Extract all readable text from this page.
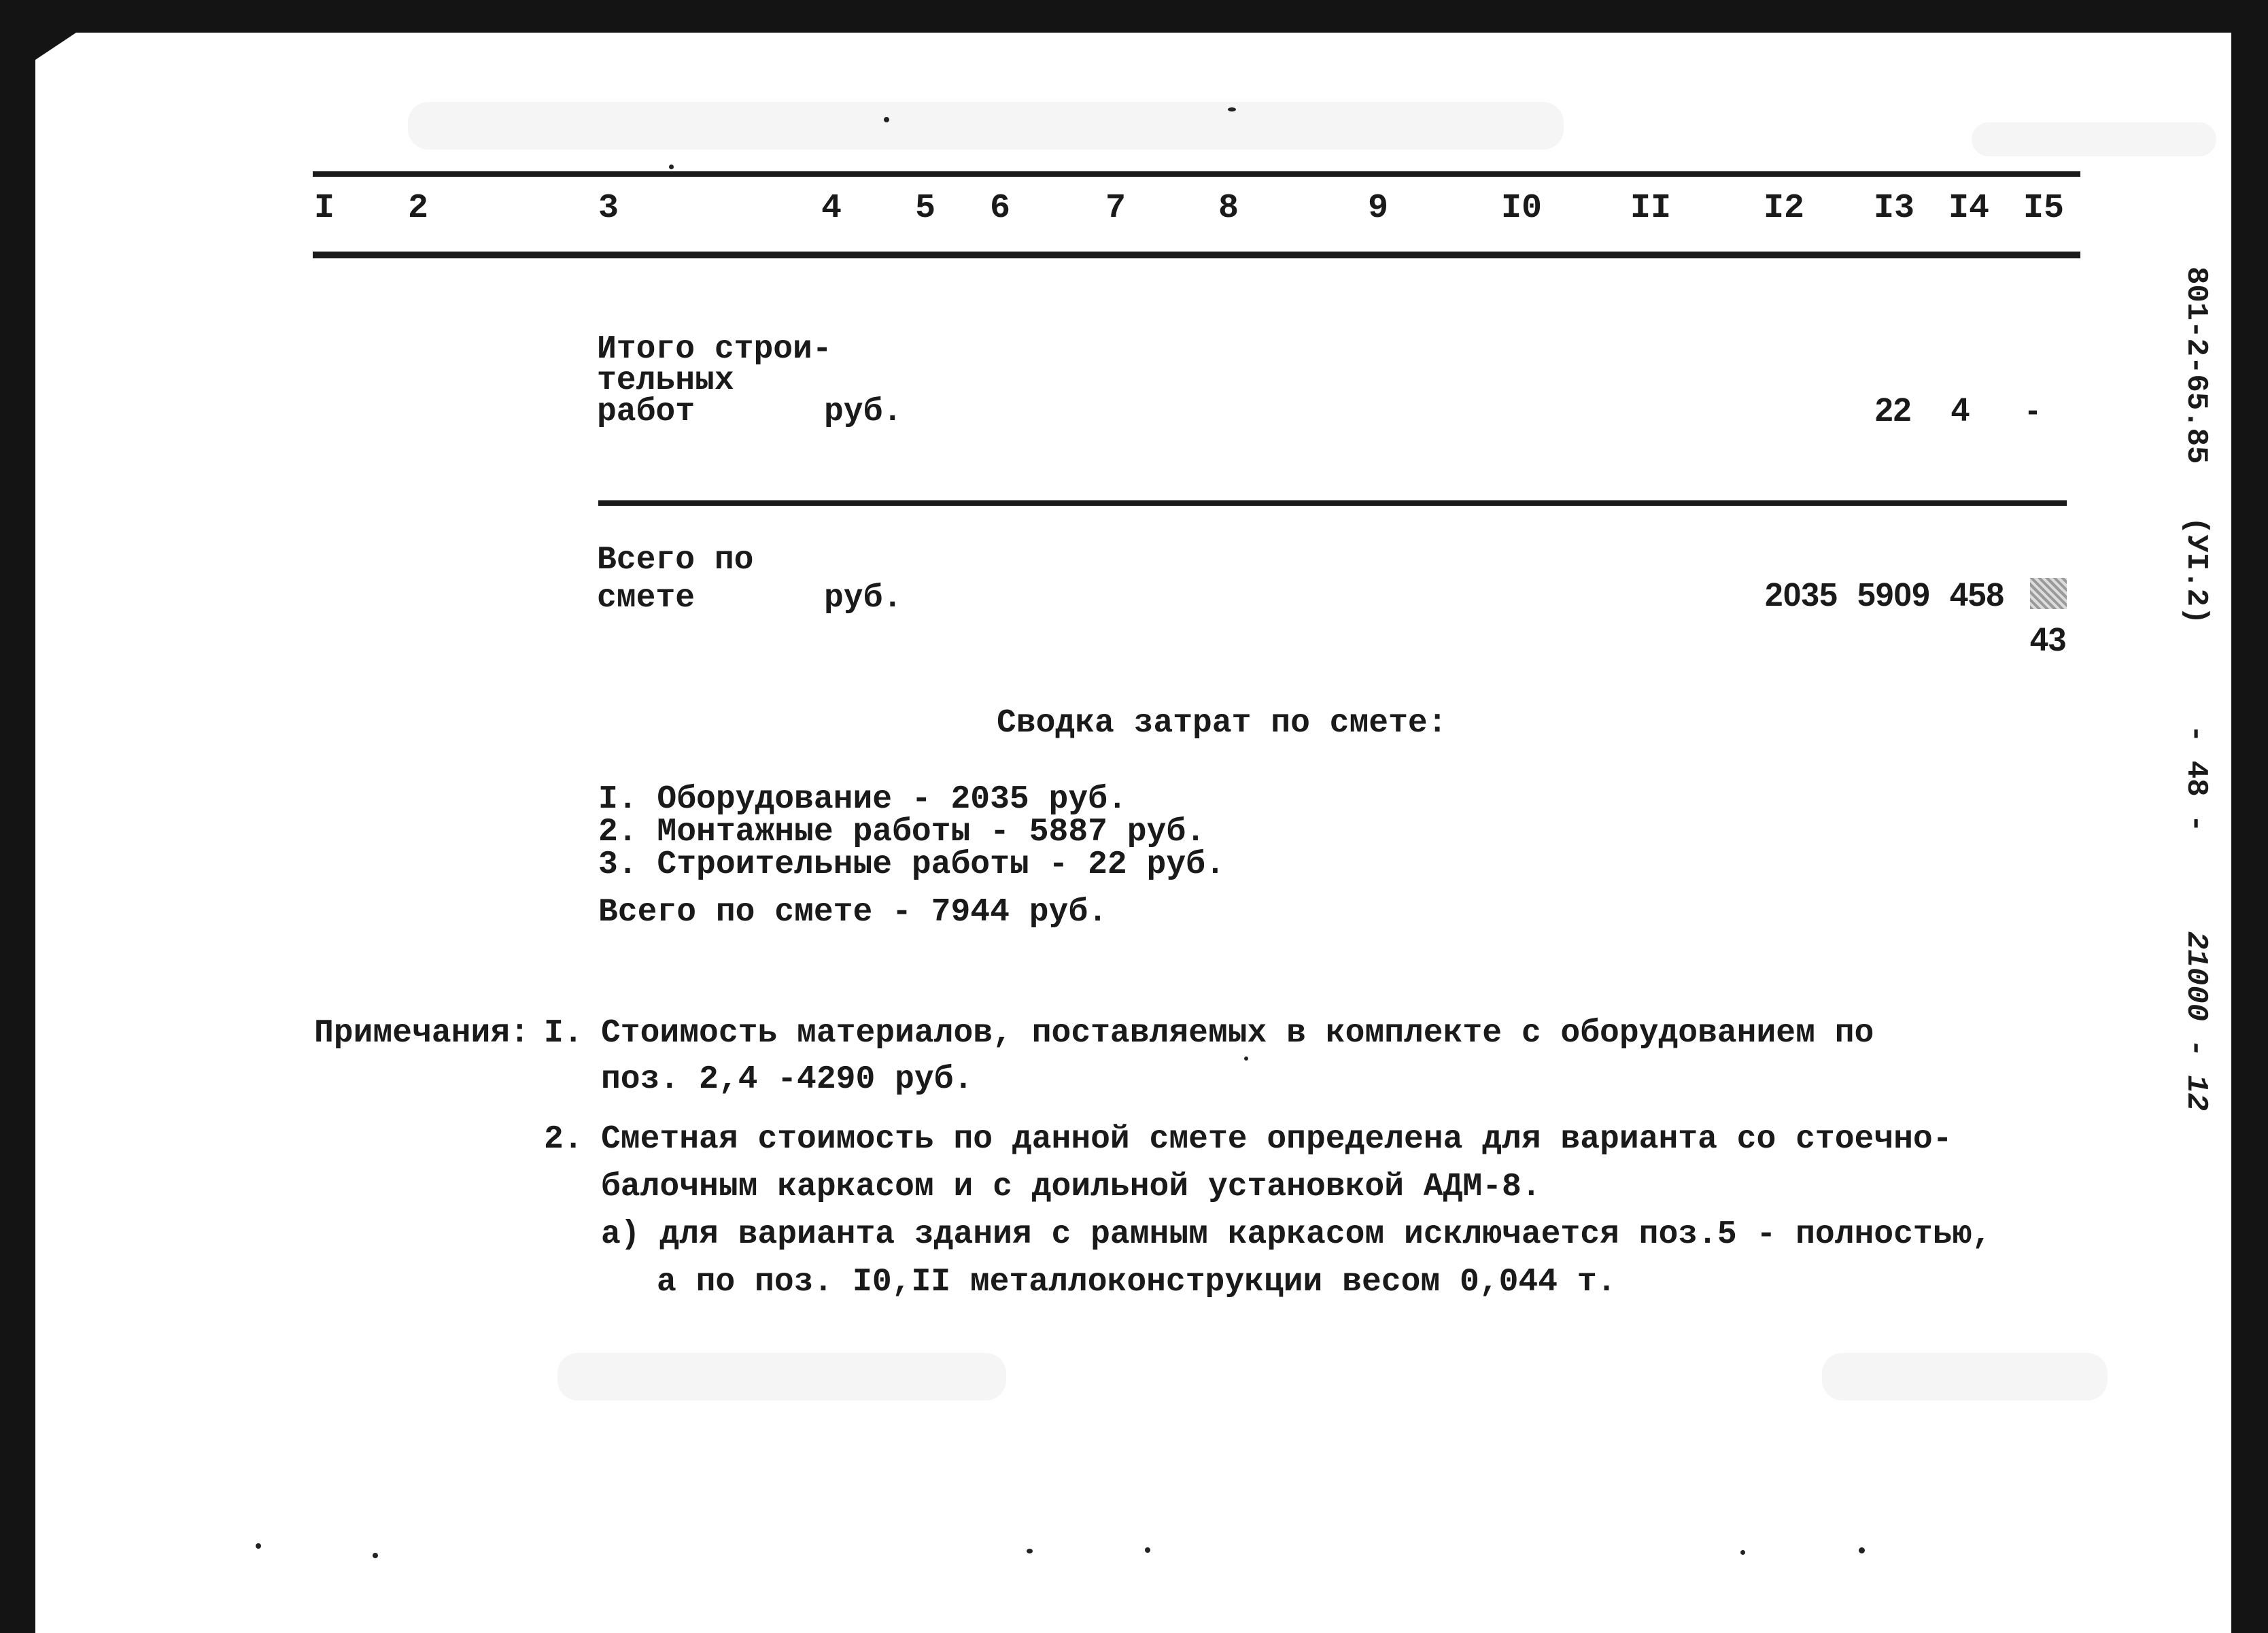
I 2	3	4 5 6	7	8	9	I0	II	I2 I3 I4 I5
Итого строи-
тельных
работ	руб.	22 4 -
Всего по
смете	руб.	2035 5909 458
43
Сводка затрат по смете:
I. Оборудование - 2035 руб.
2. Монтажные работы - 5887 руб.
3. Строительные работы - 22 руб.
Всего по смете - 7944 руб.
Примечания: I. Стоимость материалов, поставляемых в комплекте с оборудованием по
поз. 2,4 -4290 руб.
2. Сметная стоимость по данной смете определена для варианта со стоечно-
балочным каркасом и с доильной установкой АДМ-8.
а) для варианта здания с рамным каркасом исключается поз.5 - полностью,
а по поз. I0,II металлоконструкции весом 0,044 т.
801-2-65.85
(УI.2)
- 48 -
21000 - 12
